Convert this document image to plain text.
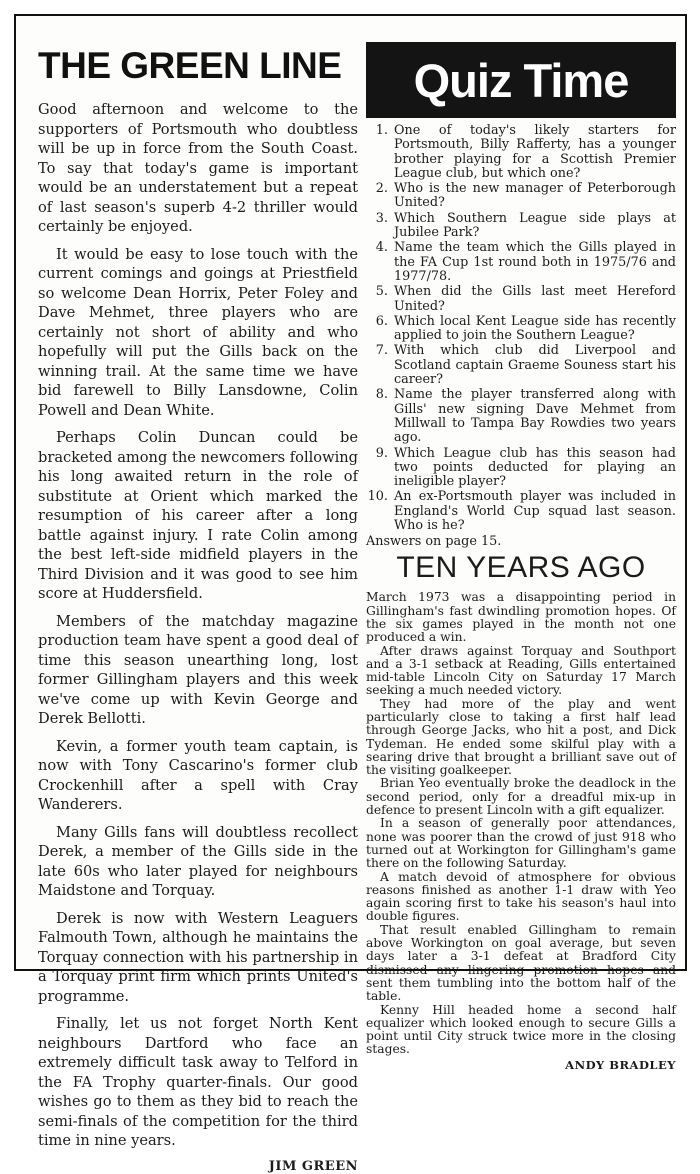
THE GREEN LINE

Good afternoon and welcome to the supporters of Portsmouth who doubtless will be up in force from the South Coast. To say that today's game is important would be an understatement but a repeat of last season's superb 4-2 thriller would certainly be enjoyed.

It would be easy to lose touch with the current comings and goings at Priestfield so welcome Dean Horrix, Peter Foley and Dave Mehmet, three players who are certainly not short of ability and who hopefully will put the Gills back on the winning trail. At the same time we have bid farewell to Billy Lansdowne, Colin Powell and Dean White.

Perhaps Colin Duncan could be bracketed among the newcomers following his long awaited return in the role of substitute at Orient which marked the resumption of his career after a long battle against injury. I rate Colin among the best left-side midfield players in the Third Division and it was good to see him score at Huddersfield.

Members of the matchday magazine production team have spent a good deal of time this season unearthing long, lost former Gillingham players and this week we've come up with Kevin George and Derek Bellotti.

Kevin, a former youth team captain, is now with Tony Cascarino's former club Crockenhill after a spell with Cray Wanderers.

Many Gills fans will doubtless recollect Derek, a member of the Gills side in the late 60s who later played for neighbours Maidstone and Torquay.

Derek is now with Western Leaguers Falmouth Town, although he maintains the Torquay connection with his partnership in a Torquay print firm which prints United's programme.

Finally, let us not forget North Kent neighbours Dartford who face an extremely difficult task away to Telford in the FA Trophy quarter-finals. Our good wishes go to them as they bid to reach the semi-finals of the competition for the third time in nine years.

JIM GREEN
Quiz Time
1. One of today's likely starters for Portsmouth, Billy Rafferty, has a younger brother playing for a Scottish Premier League club, but which one?
2. Who is the new manager of Peterborough United?
3. Which Southern League side plays at Jubilee Park?
4. Name the team which the Gills played in the FA Cup 1st round both in 1975/76 and 1977/78.
5. When did the Gills last meet Hereford United?
6. Which local Kent League side has recently applied to join the Southern League?
7. With which club did Liverpool and Scotland captain Graeme Souness start his career?
8. Name the player transferred along with Gills' new signing Dave Mehmet from Millwall to Tampa Bay Rowdies two years ago.
9. Which League club has this season had two points deducted for playing an ineligible player?
10. An ex-Portsmouth player was included in England's World Cup squad last season. Who is he?
Answers on page 15.
TEN YEARS AGO

March 1973 was a disappointing period in Gillingham's fast dwindling promotion hopes. Of the six games played in the month not one produced a win.

After draws against Torquay and Southport and a 3-1 setback at Reading, Gills entertained mid-table Lincoln City on Saturday 17 March seeking a much needed victory.

They had more of the play and went particularly close to taking a first half lead through George Jacks, who hit a post, and Dick Tydeman. He ended some skilful play with a searing drive that brought a brilliant save out of the visiting goalkeeper.

Brian Yeo eventually broke the deadlock in the second period, only for a dreadful mix-up in defence to present Lincoln with a gift equalizer.

In a season of generally poor attendances, none was poorer than the crowd of just 918 who turned out at Workington for Gillingham's game there on the following Saturday.

A match devoid of atmosphere for obvious reasons finished as another 1-1 draw with Yeo again scoring first to take his season's haul into double figures.

That result enabled Gillingham to remain above Workington on goal average, but seven days later a 3-1 defeat at Bradford City dismissed any lingering promotion hopes and sent them tumbling into the bottom half of the table.

Kenny Hill headed home a second half equalizer which looked enough to secure Gills a point until City struck twice more in the closing stages.

ANDY BRADLEY
